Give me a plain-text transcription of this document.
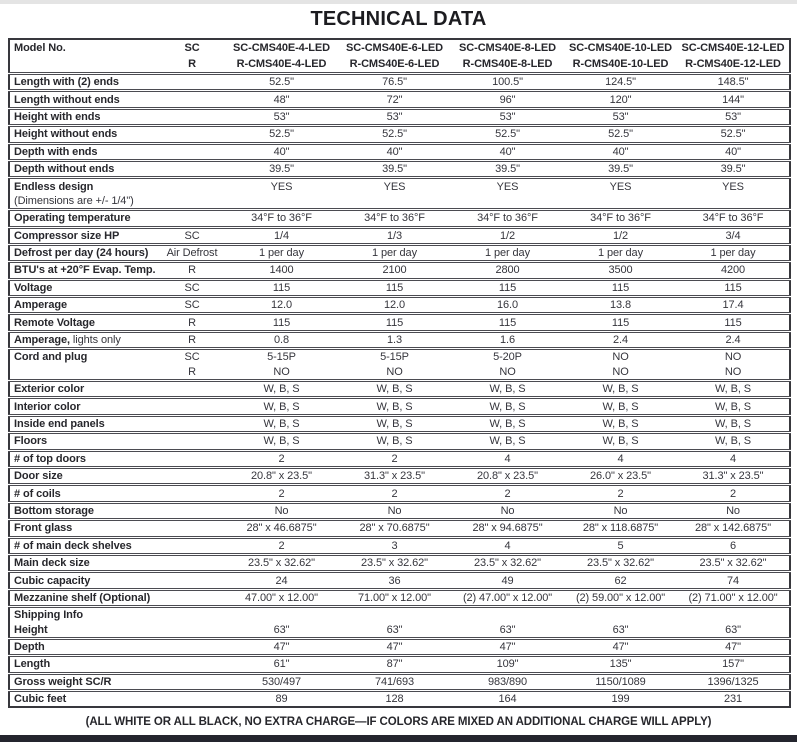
TECHNICAL DATA
Model No.	SC	SC-CMS40E-4-LED	SC-CMS40E-6-LED	SC-CMS40E-8-LED	SC-CMS40E-10-LED	SC-CMS40E-12-LED
	R	R-CMS40E-4-LED	R-CMS40E-6-LED	R-CMS40E-8-LED	R-CMS40E-10-LED	R-CMS40E-12-LED
Length with (2) ends		52.5"	76.5"	100.5"	124.5"	148.5"
Length without ends		48"	72"	96"	120"	144"
Height with ends		53"	53"	53"	53"	53"
Height without ends		52.5"	52.5"	52.5"	52.5"	52.5"
Depth with ends		40"	40"	40"	40"	40"
Depth without ends		39.5"	39.5"	39.5"	39.5"	39.5"
Endless design		YES	YES	YES	YES	YES
(Dimensions are +/- 1/4")						
Operating temperature		34°F to 36°F	34°F to 36°F	34°F to 36°F	34°F to 36°F	34°F to 36°F
Compressor size HP	SC	1/4	1/3	1/2	1/2	3/4
Defrost per day (24 hours)	Air Defrost	1 per day	1 per day	1 per day	1 per day	1 per day
BTU's at +20°F Evap. Temp.	R	1400	2100	2800	3500	4200
Voltage	SC	115	115	115	115	115
Amperage	SC	12.0	12.0	16.0	13.8	17.4
Remote Voltage	R	115	115	115	115	115
Amperage, lights only	R	0.8	1.3	1.6	2.4	2.4
Cord and plug	SC	5-15P	5-15P	5-20P	NO	NO
	R	NO	NO	NO	NO	NO
Exterior color		W, B, S	W, B, S	W, B, S	W, B, S	W, B, S
Interior color		W, B, S	W, B, S	W, B, S	W, B, S	W, B, S
Inside end panels		W, B, S	W, B, S	W, B, S	W, B, S	W, B, S
Floors		W, B, S	W, B, S	W, B, S	W, B, S	W, B, S
# of top doors		2	2	4	4	4
Door size		20.8" x 23.5"	31.3" x 23.5"	20.8" x 23.5"	26.0" x 23.5"	31.3" x 23.5"
# of coils		2	2	2	2	2
Bottom storage		No	No	No	No	No
Front glass		28" x 46.6875"	28" x 70.6875"	28" x 94.6875"	28" x 118.6875"	28" x 142.6875"
# of main deck shelves		2	3	4	5	6
Main deck size		23.5" x 32.62"	23.5" x 32.62"	23.5" x 32.62"	23.5" x 32.62"	23.5" x 32.62"
Cubic capacity		24	36	49	62	74
Mezzanine shelf (Optional)		47.00" x 12.00"	71.00" x 12.00"	(2) 47.00" x 12.00"	(2) 59.00" x 12.00"	(2) 71.00" x 12.00"
Shipping Info						
Height		63"	63"	63"	63"	63"
Depth		47"	47"	47"	47"	47"
Length		61"	87"	109"	135"	157"
Gross weight SC/R		530/497	741/693	983/890	1150/1089	1396/1325
Cubic feet		89	128	164	199	231
(ALL WHITE OR ALL BLACK, NO EXTRA CHARGE—IF COLORS ARE MIXED AN ADDITIONAL CHARGE WILL APPLY)
